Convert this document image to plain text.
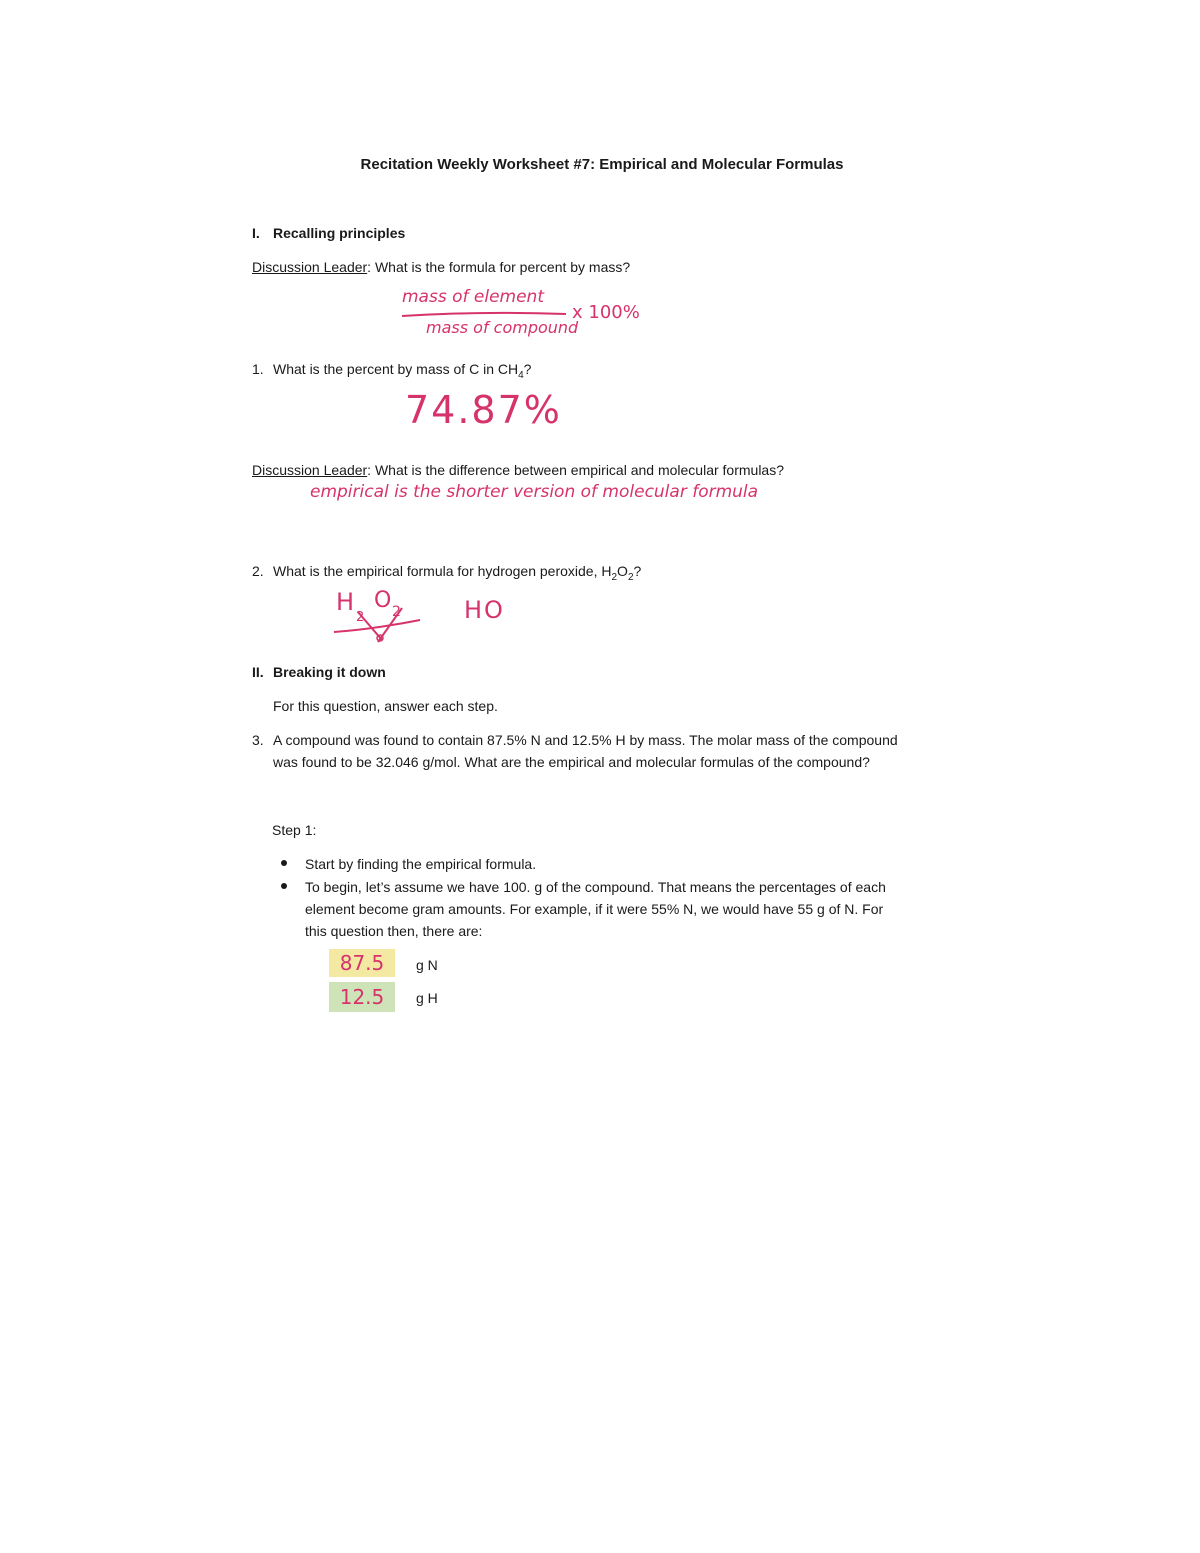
Recitation Weekly Worksheet #7: Empirical and Molecular Formulas
I. Recalling principles
Discussion Leader: What is the formula for percent by mass?
mass of element
mass of compound
x 100%
1. What is the percent by mass of C in $CH_4$?
74.87%
Discussion Leader: What is the difference between empirical and molecular formulas?
empirical is the shorter version of molecular formula
2. What is the empirical formula for hydrogen peroxide, $H_2O_2$?
H
2
O 2	HO
II. Breaking it down
For this question, answer each step.
3. A compound was found to contain 87.5% N and 12.5% H by mass. The molar mass of the compound
was found to be 32.046 g/mol. What are the empirical and molecular formulas of the compound?
Step 1:
Start by finding the empirical formula.
To begin, let’s assume we have 100. g of the compound. That means the percentages of each
element become gram amounts. For example, if it were 55% N, we would have 55 g of N. For
this question then, there are:
87.5	g N
12.5	g H
